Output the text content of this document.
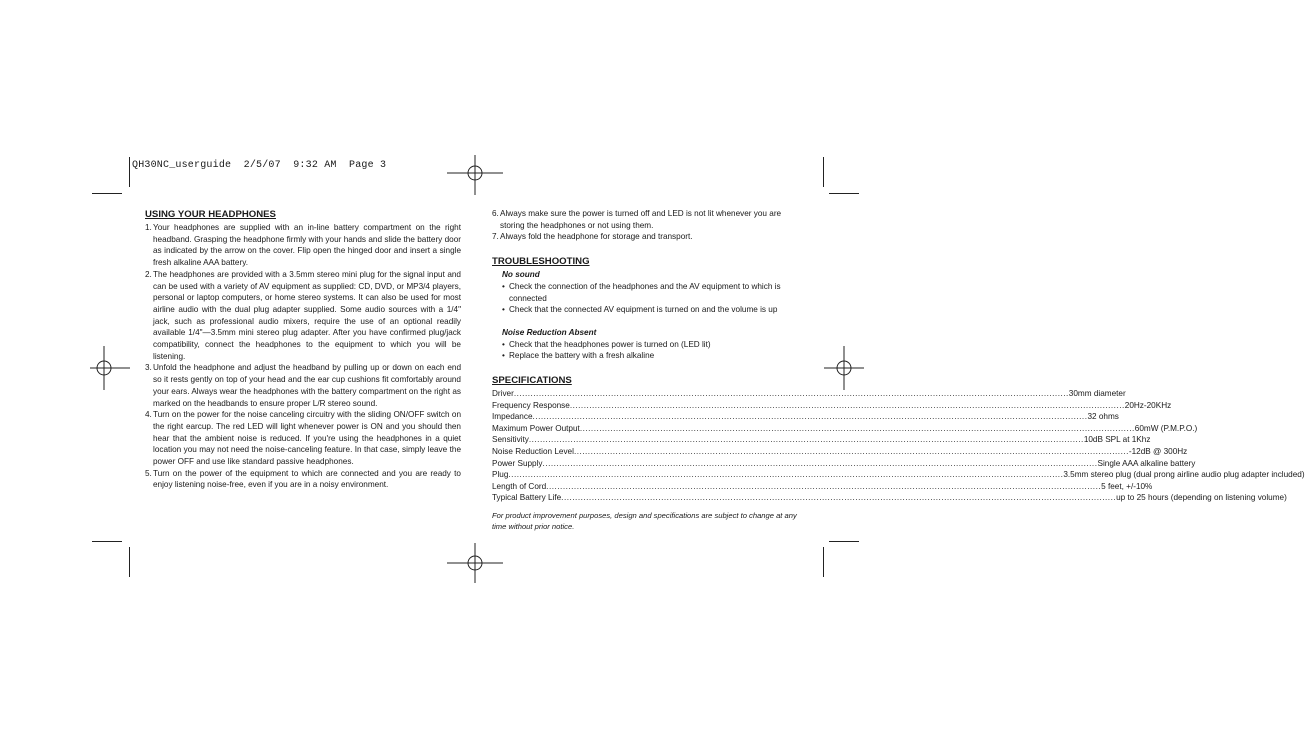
QH30NC_userguide  2/5/07  9:32 AM  Page 3
USING YOUR HEADPHONES
1. Your headphones are supplied with an in-line battery compartment on the right headband. Grasping the headphone firmly with your hands and slide the battery door as indicated by the arrow on the cover. Flip open the hinged door and insert a single fresh alkaline AAA battery.
2. The headphones are provided with a 3.5mm stereo mini plug for the signal input and can be used with a variety of AV equipment as supplied: CD, DVD, or MP3/4 players, personal or laptop computers, or home stereo systems. It can also be used for most airline audio with the dual plug adapter supplied. Some audio sources with a 1/4" jack, such as professional audio mixers, require the use of an optional readily available 1/4"—3.5mm mini stereo plug adapter. After you have confirmed plug/jack compatibility, connect the headphones to the equipment to which you will be listening.
3. Unfold the headphone and adjust the headband by pulling up or down on each end so it rests gently on top of your head and the ear cup cushions fit comfortably around your ears. Always wear the headphones with the battery compartment on the right as marked on the headbands to ensure proper L/R stereo sound.
4. Turn on the power for the noise canceling circuitry with the sliding ON/OFF switch on the right earcup. The red LED will light whenever power is ON and you should then hear that the ambient noise is reduced. If you're using the headphones in a quiet location you may not need the noise-canceling feature. In that case, simply leave the power OFF and use like standard passive headphones.
5. Turn on the power of the equipment to which are connected and you are ready to enjoy listening noise-free, even if you are in a noisy environment.
6. Always make sure the power is turned off and LED is not lit whenever you are storing the headphones or not using them.
7. Always fold the headphone for storage and transport.
TROUBLESHOOTING
No sound
• Check the connection of the headphones and the AV equipment to which is connected
• Check that the connected AV equipment is turned on and the volume is up
Noise Reduction Absent
• Check that the headphones power is turned on (LED lit)
• Replace the battery with a fresh alkaline
SPECIFICATIONS
Driver ........................................................................................................................................................................................................ 30mm diameter
Frequency Response ........................................................................................................................................................................................................ 20Hz-20KHz
Impedance ........................................................................................................................................................................................................ 32 ohms
Maximum Power Output ........................................................................................................................................................................................................ 60mW (P.M.P.O.)
Sensitivity ........................................................................................................................................................................................................ 10dB SPL at 1Khz
Noise Reduction Level ........................................................................................................................................................................................................ -12dB @ 300Hz
Power Supply ........................................................................................................................................................................................................ Single AAA alkaline battery
Plug ........................................................................................................................................................................................................ 3.5mm stereo plug (dual prong airline audio plug adapter included)
Length of Cord ........................................................................................................................................................................................................ 5 feet, +/-10%
Typical Battery Life ........................................................................................................................................................................................................ up to 25 hours (depending on listening volume)
For product improvement purposes, design and specifications are subject to change at any time without prior notice.
